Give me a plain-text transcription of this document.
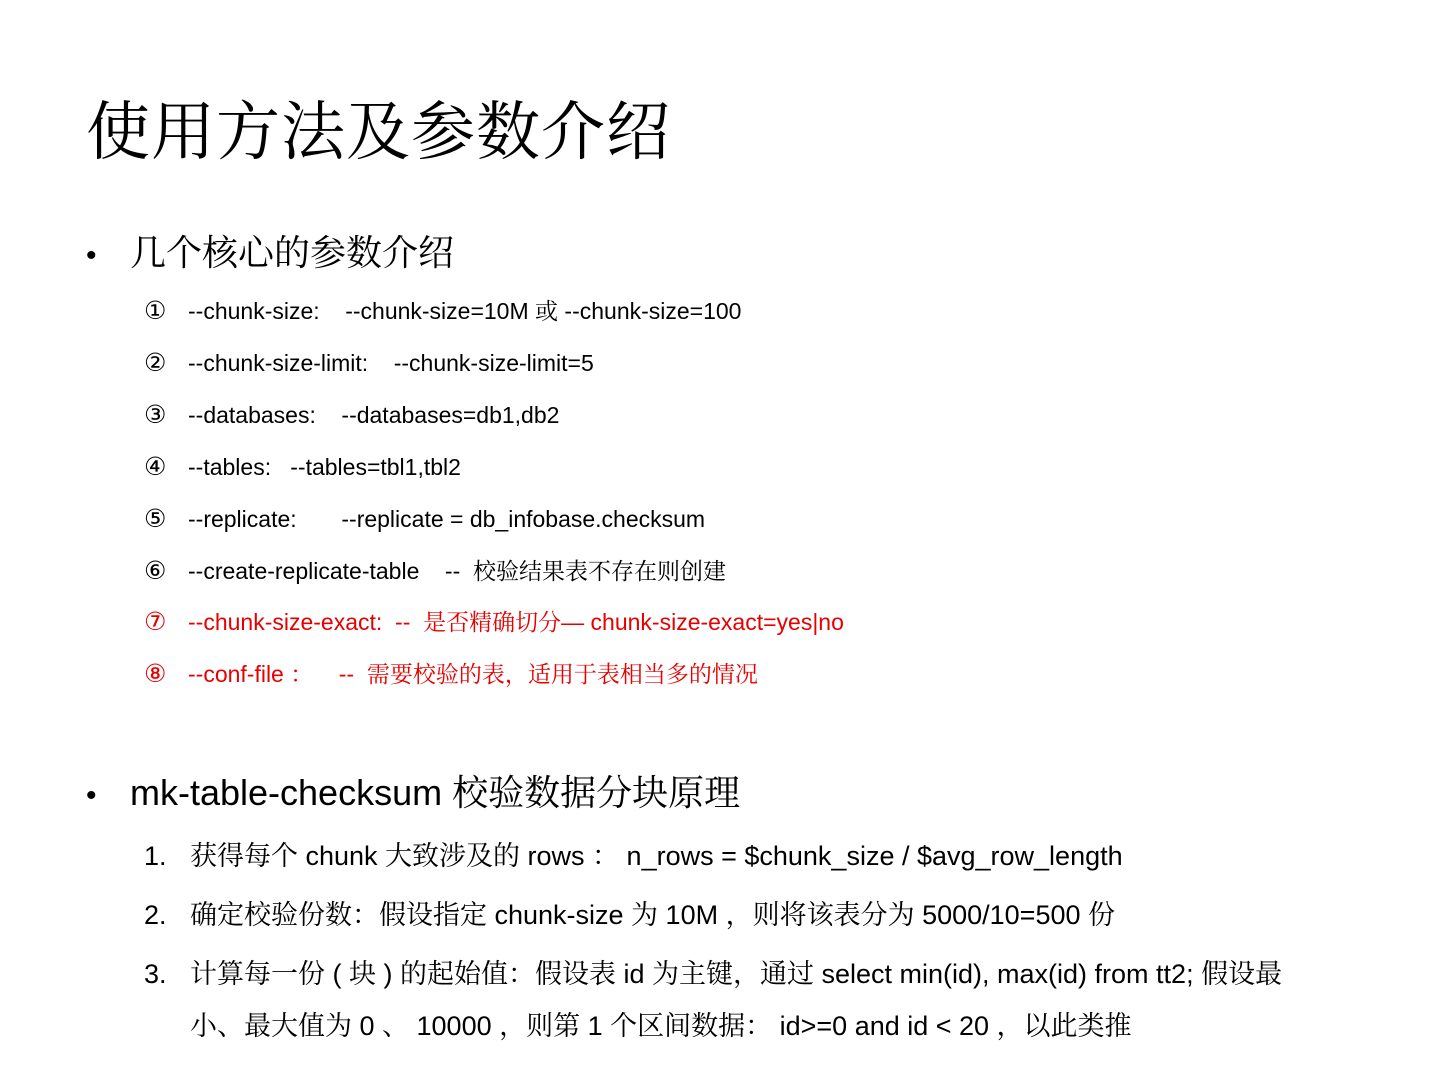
使用方法及参数介绍
• 几个核心的参数介绍
① --chunk-size:    --chunk-size=10M 或 --chunk-size=100
② --chunk-size-limit:    --chunk-size-limit=5
③ --databases:    --databases=db1,db2
④ --tables:   --tables=tbl1,tbl2
⑤ --replicate:       --replicate = db_infobase.checksum
⑥ --create-replicate-table    --  校验结果表不存在则创建
⑦ --chunk-size-exact:  --  是否精确切分— chunk-size-exact=yes|no
⑧ --conf-file ：    --  需要校验的表，适用于表相当多的情况
• mk-table-checksum 校验数据分块原理
1. 获得每个 chunk 大致涉及的 rows ： n_rows = $chunk_size / $avg_row_length
2. 确定校验份数：假设指定 chunk-size 为 10M ，则将该表分为 5000/10=500 份
3. 计算每一份 ( 块 ) 的起始值：假设表 id 为主键，通过 select min(id), max(id) from tt2; 假设最
小、最大值为 0 、 10000 ，则第 1 个区间数据： id>=0 and id < 20 ，以此类推
